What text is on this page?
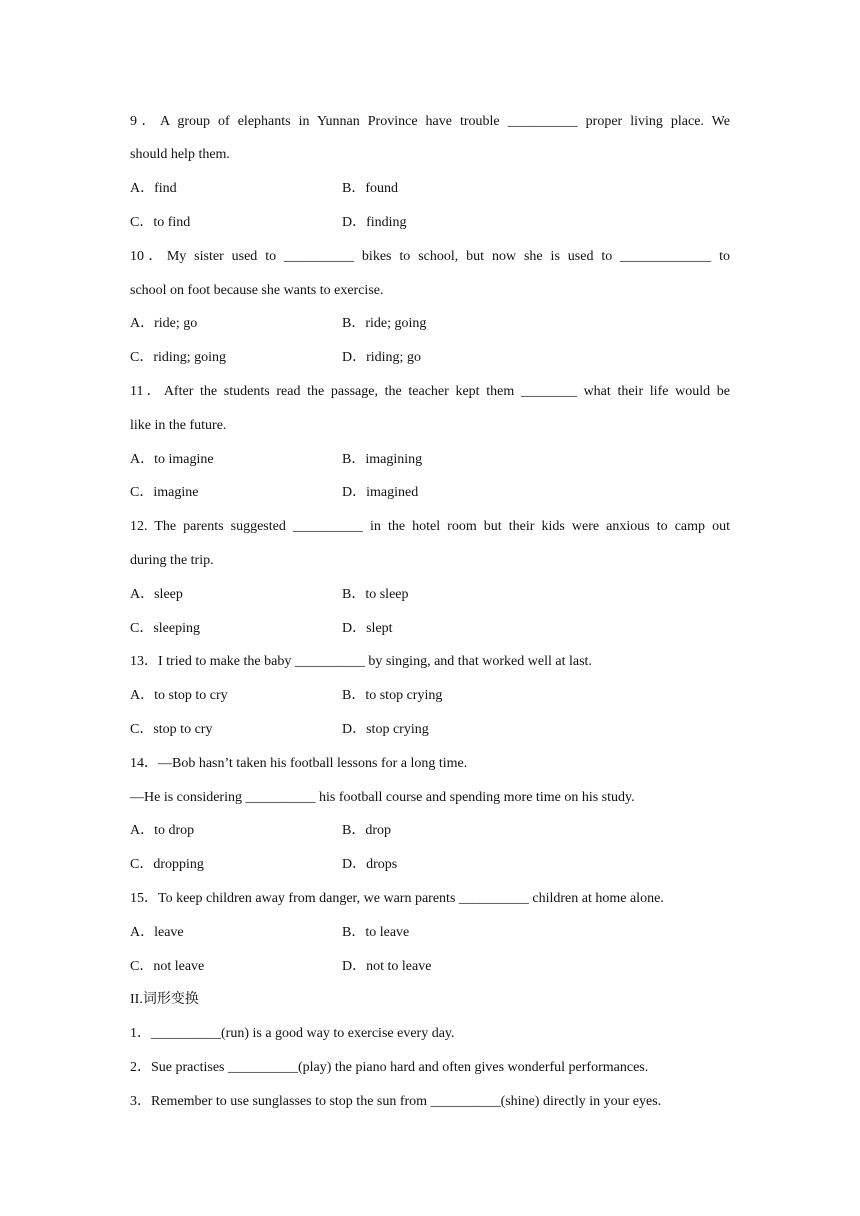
9．A group of elephants in Yunnan Province have trouble __________ proper living place. We
should help them.
A．find	B．found
C．to find	D．finding
10．My sister used to __________ bikes to school, but now she is used to _____________ to
school on foot because she wants to exercise.
A．ride; go	B．ride; going
C．riding; going	D．riding; go
11．After the students read the passage, the teacher kept them ________ what their life would be
like in the future.
A．to imagine	B．imagining
C．imagine	D．imagined
12. The parents suggested __________ in the hotel room but their kids were anxious to camp out
during the trip.
A．sleep	B．to sleep
C．sleeping	D．slept
13．I tried to make the baby __________ by singing, and that worked well at last.
A．to stop to cry	B．to stop crying
C．stop to cry	D．stop crying
14．—Bob hasn’t taken his football lessons for a long time.
—He is considering __________ his football course and spending more time on his study.
A．to drop	B．drop
C．dropping	D．drops
15．To keep children away from danger, we warn parents __________ children at home alone.
A．leave	B．to leave
C．not leave	D．not to leave
II.词形变换
1．__________(run) is a good way to exercise every day.
2．Sue practises __________(play) the piano hard and often gives wonderful performances.
3．Remember to use sunglasses to stop the sun from __________(shine) directly in your eyes.
